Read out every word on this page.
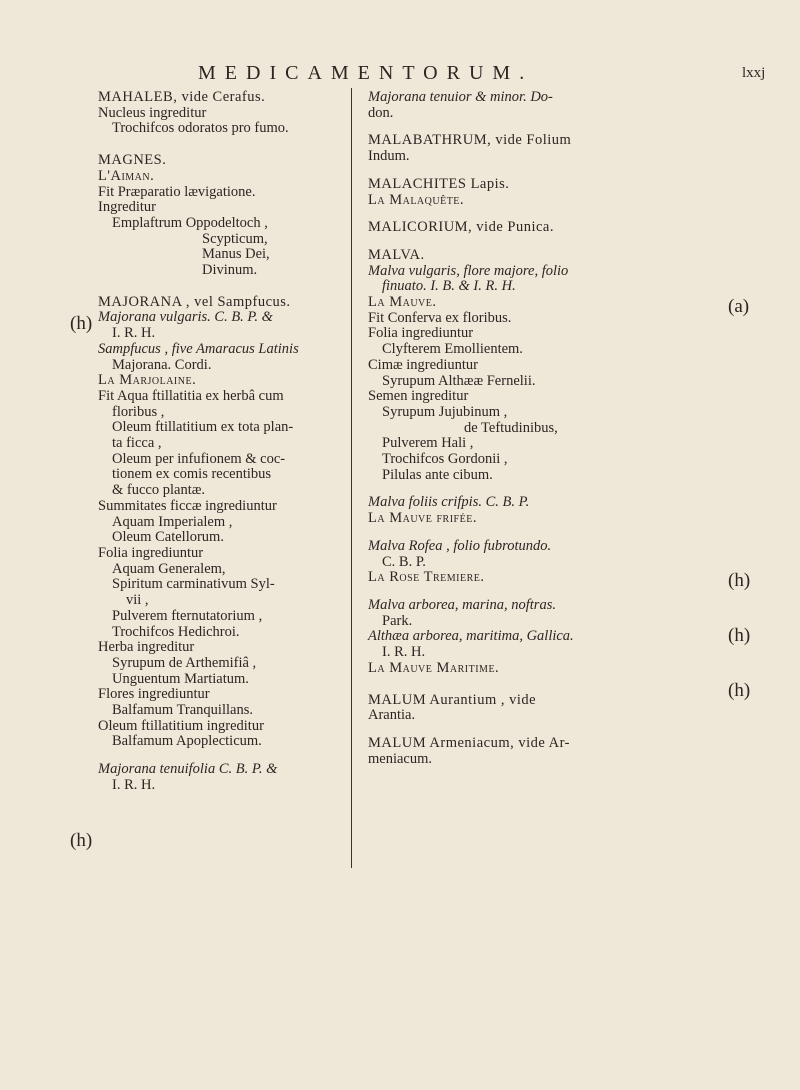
MEDICAMENTORUM.	lxxj
(h)
(h)
(a)
(h)
(h)
(h)
MAHALEB, vide Cerafus.
Nucleus ingreditur
Trochifcos odoratos pro fumo.
MAGNES.
L'Aiman.
Fit Præparatio lævigatione.
Ingreditur
Emplaftrum Oppodeltoch ,
Scypticum,
Manus Dei,
Divinum.
MAJORANA , vel Sampfucus.
Majorana vulgaris. C. B. P. &
I. R. H.
Sampfucus , five Amaracus Latinis
Majorana. Cordi.
La Marjolaine.
Fit Aqua ftillatitia ex herbâ cum
floribus ,
Oleum ftillatitium ex tota plan-
ta ficca ,
Oleum per infufionem & coc-
tionem ex comis recentibus
& fucco plantæ.
Summitates ficcæ ingrediuntur
Aquam Imperialem ,
Oleum Catellorum.
Folia ingrediuntur
Aquam Generalem,
Spiritum carminativum Syl-
vii ,
Pulverem fternutatorium ,
Trochifcos Hedichroi.
Herba ingreditur
Syrupum de Arthemifiâ ,
Unguentum Martiatum.
Flores ingrediuntur
Balfamum Tranquillans.
Oleum ftillatitium ingreditur
Balfamum Apoplecticum.
Majorana tenuifolia C. B. P. &
I. R. H.
Majorana tenuior & minor. Do-
don.
MALABATHRUM, vide Folium
Indum.
MALACHITES Lapis.
La Malaquête.
MALICORIUM, vide Punica.
MALVA.
Malva vulgaris, flore majore, folio
finuato. I. B. & I. R. H.
La Mauve.
Fit Conferva ex floribus.
Folia ingrediuntur
Clyfterem Emollientem.
Cimæ ingrediuntur
Syrupum Althææ Fernelii.
Semen ingreditur
Syrupum Jujubinum ,
de Teftudinibus,
Pulverem Hali ,
Trochifcos Gordonii ,
Pilulas ante cibum.
Malva foliis crifpis. C. B. P.
La Mauve frifée.
Malva Rofea , folio fubrotundo.
C. B. P.
La Rose Tremiere.
Malva arborea, marina, noftras.
Park.
Althæa arborea, maritima, Gallica.
I. R. H.
La Mauve Maritime.
MALUM Aurantium , vide
Arantia.
MALUM Armeniacum, vide Ar-
meniacum.
